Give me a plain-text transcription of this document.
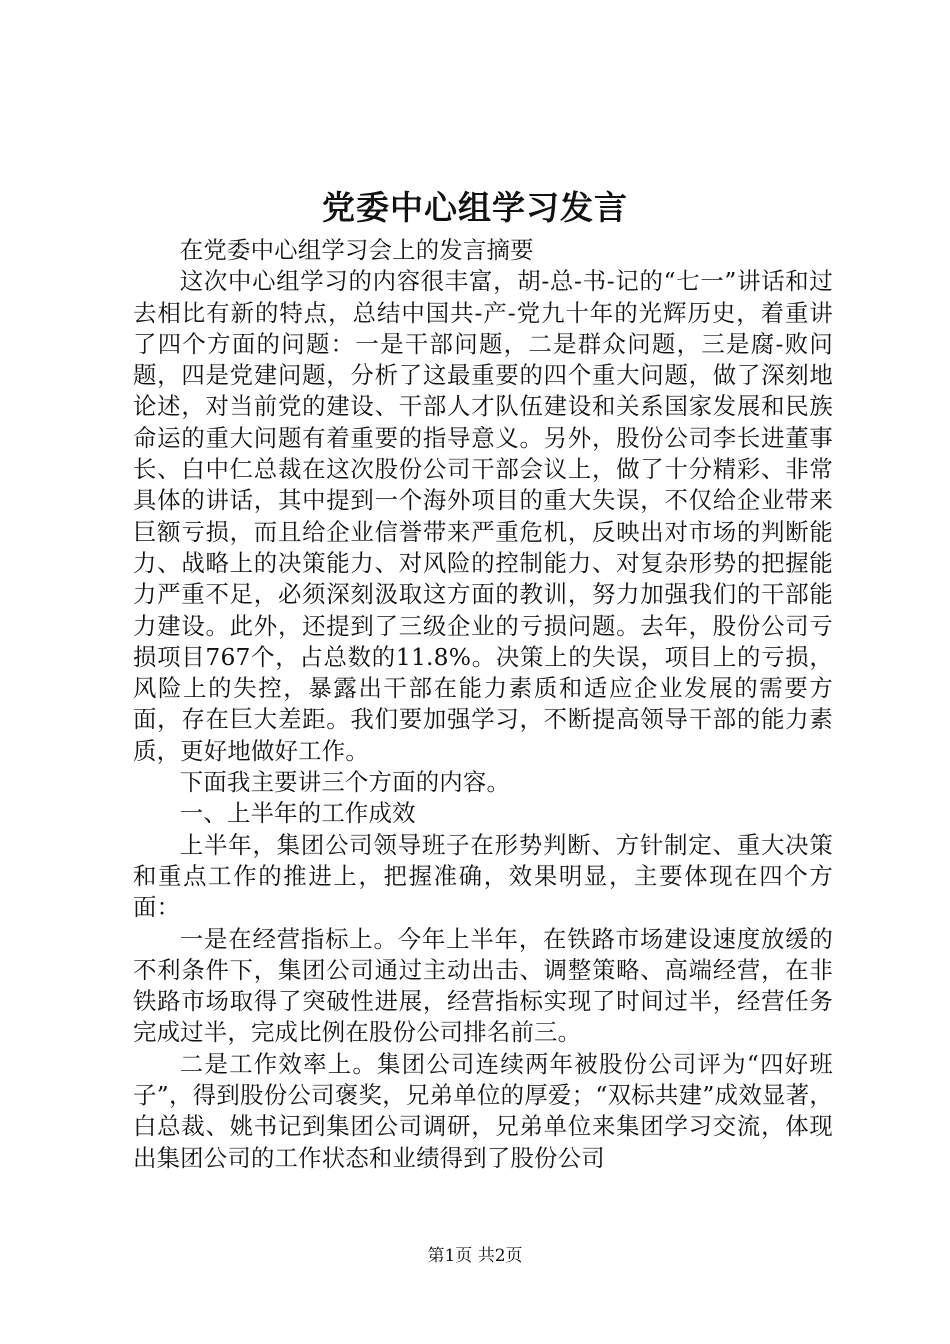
党委中心组学习发言

在党委中心组学习会上的发言摘要

这次中心组学习的内容很丰富，胡-总-书-记的“七一”讲话和过去相比有新的特点，总结中国共-产-党九十年的光辉历史，着重讲了四个方面的问题：一是干部问题，二是群众问题，三是腐-败问题，四是党建问题，分析了这最重要的四个重大问题，做了深刻地论述，对当前党的建设、干部人才队伍建设和关系国家发展和民族命运的重大问题有着重要的指导意义。另外，股份公司李长进董事长、白中仁总裁在这次股份公司干部会议上，做了十分精彩、非常具体的讲话，其中提到一个海外项目的重大失误，不仅给企业带来巨额亏损，而且给企业信誉带来严重危机，反映出对市场的判断能力、战略上的决策能力、对风险的控制能力、对复杂形势的把握能力严重不足，必须深刻汲取这方面的教训，努力加强我们的干部能力建设。此外，还提到了三级企业的亏损问题。去年，股份公司亏损项目767个，占总数的11.8%。决策上的失误，项目上的亏损，风险上的失控，暴露出干部在能力素质和适应企业发展的需要方面，存在巨大差距。我们要加强学习，不断提高领导干部的能力素质，更好地做好工作。

下面我主要讲三个方面的内容。

一、上半年的工作成效

上半年，集团公司领导班子在形势判断、方针制定、重大决策和重点工作的推进上，把握准确，效果明显，主要体现在四个方面：

一是在经营指标上。今年上半年，在铁路市场建设速度放缓的不利条件下，集团公司通过主动出击、调整策略、高端经营，在非铁路市场取得了突破性进展，经营指标实现了时间过半，经营任务完成过半，完成比例在股份公司排名前三。

二是工作效率上。集团公司连续两年被股份公司评为“四好班子”，得到股份公司褒奖，兄弟单位的厚爱；“双标共建”成效显著，白总裁、姚书记到集团公司调研，兄弟单位来集团学习交流，体现出集团公司的工作状态和业绩得到了股份公司

第1页 共2页
